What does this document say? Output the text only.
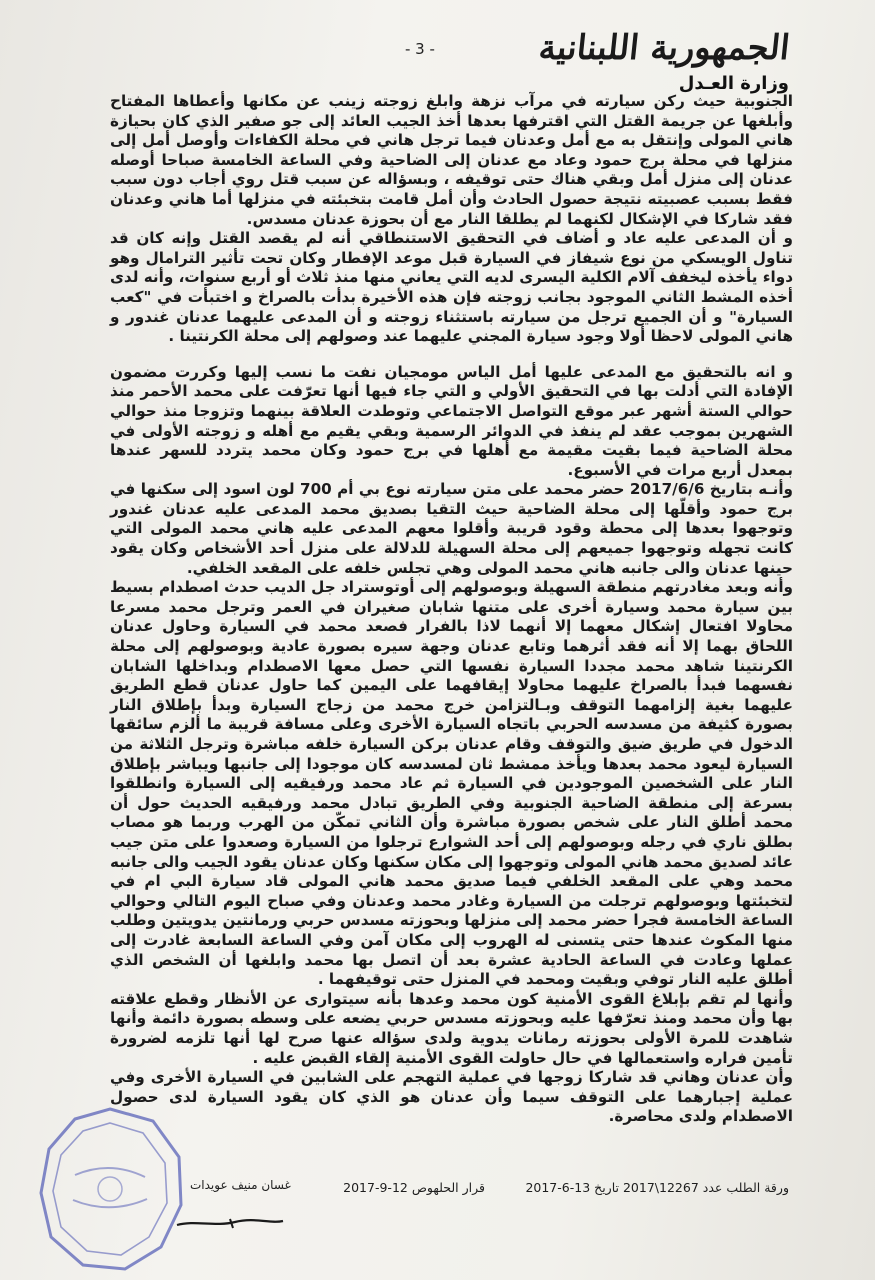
الجمهورية اللبنانية
- 3 -
وزارة العـدل

الجنوبية حيث ركن سيارته في مرآب نزهة وابلغ زوجته زينب عن مكانها وأعطاها المفتاح وأبلغها عن جريمة القتل التي اقترفها بعدها أخذ الجيب العائد إلى جو صفير الذي كان بحيازة هاني المولى وإنتقل به مع أمل وعدنان فيما ترجل هاني في محلة الكفاءات وأوصل أمل إلى منزلها في محلة برج حمود وعاد مع عدنان إلى الضاحية وفي الساعة الخامسة صباحا أوصله عدنان إلى منزل أمل وبقي هناك حتى توقيفه ، وبسؤاله عن سبب قتل روي أجاب دون سبب فقط بسبب عصبيته نتيجة حصول الحادث وأن أمل قامت بتخبئته في منزلها أما هاني وعدنان فقد شاركا في الإشكال لكنهما لم يطلقا النار مع أن بحوزة عدنان مسدس.

و أن المدعى عليه عاد و أضاف في التحقيق الاستنطاقي أنه لم يقصد القتل وإنه كان قد تناول الويسكي من نوع شيفاز في السيارة قبل موعد الإفطار وكان تحت تأثير الترامال وهو دواء يأخذه ليخفف آلام الكلية اليسرى لديه التي يعاني منها منذ ثلاث أو أربع سنوات، وأنه لدى أخذه المشط الثاني الموجود بجانب زوجته فإن هذه الأخيرة بدأت بالصراخ و اختبأت في "كعب السيارة" و أن الجميع ترجل من سيارته باستثناء زوجته و أن المدعى عليهما عدنان غندور و هاني المولى لاحظا أولا وجود سيارة المجني عليهما عند وصولهم إلى محلة الكرنتينا .

و انه بالتحقيق مع المدعى عليها أمل الياس مومجيان نفت ما نسب إليها وكررت مضمون الإفادة التي أدلت بها في التحقيق الأولي و التي جاء فيها أنها تعرّفت على محمد الأحمر منذ حوالي الستة أشهر عبر موقع التواصل الاجتماعي وتوطدت العلاقة بينهما وتزوجا منذ حوالي الشهرين بموجب عقد لم ينفذ في الدوائر الرسمية وبقي يقيم مع أهله و زوجته الأولى في محلة الضاحية فيما بقيت مقيمة مع أهلها في برج حمود وكان محمد يتردد للسهر عندها بمعدل أربع مرات في الأسبوع.

وأنـه بتاريخ 2017/6/6 حضر محمد على متن سيارته نوع بي أم 700 لون اسود إلى سكنها في برج حمود وأقلّها إلى محلة الضاحية حيث التقيا بصديق محمد المدعى عليه عدنان غندور وتوجهوا بعدها إلى محطة وقود قريبة وأقلوا معهم المدعى عليه هاني محمد المولى التي كانت تجهله وتوجهوا جميعهم إلى محلة السهيلة للدلالة على منزل أحد الأشخاص وكان يقود حينها عدنان والى جانبه هاني محمد المولى وهي تجلس خلفه على المقعد الخلفي.

وأنه وبعد مغادرتهم منطقة السهيلة وبوصولهم إلى أوتوستراد جل الديب حدث اصطدام بسيط بين سيارة محمد وسيارة أخرى على متنها شابان صغيران في العمر وترجل محمد مسرعا محاولا افتعال إشكال معهما إلا أنهما لاذا بالفرار فصعد محمد في السيارة وحاول عدنان اللحاق بهما إلا أنه فقد أثرهما وتابع عدنان وجهة سيره بصورة عادية وبوصولهم إلى محلة الكرنتينا شاهد محمد مجددا السيارة نفسها التي حصل معها الاصطدام وبداخلها الشابان نفسهما فبدأ بالصراخ عليهما محاولا إيقافهما على اليمين كما حاول عدنان قطع الطريق عليهما بغية إلزامهما التوقف وبـالتزامن خرج محمد من زجاج السيارة وبدأ بإطلاق النار بصورة كثيفة من مسدسه الحربي باتجاه السيارة الأخرى وعلى مسافة قريبة ما ألزم سائقها الدخول في طريق ضيق والتوقف وقام عدنان بركن السيارة خلفه مباشرة وترجل الثلاثة من السيارة ليعود محمد بعدها ويأخذ ممشط ثان لمسدسه كان موجودا إلى جانبها ويباشر بإطلاق النار على الشخصين الموجودين في السيارة ثم عاد محمد ورفيقيه إلى السيارة وانطلقوا بسرعة إلى منطقة الضاحية الجنوبية وفي الطريق تبادل محمد ورفيقيه الحديث حول أن محمد أطلق النار على شخص بصورة مباشرة وأن الثاني تمكّن من الهرب وربما هو مصاب بطلق ناري في رجله وبوصولهم إلى أحد الشوارع ترجلوا من السيارة وصعدوا على متن جيب عائد لصديق محمد هاني المولى وتوجهوا إلى مكان سكنها وكان عدنان يقود الجيب والى جانبه محمد وهي على المقعد الخلفي فيما صديق محمد هاني المولى قاد سيارة البي ام في لتخبئتها وبوصولهم ترجلت من السيارة وغادر محمد وعدنان وفي صباح اليوم التالي وحوالي الساعة الخامسة فجرا حضر محمد إلى منزلها وبحوزته مسدس حربي ورمانتين يدويتين وطلب منها المكوث عندها حتى يتسنى له الهروب إلى مكان آمن وفي الساعة السابعة غادرت إلى عملها وعادت في الساعة الحادية عشرة بعد أن اتصل بها محمد وابلغها أن الشخص الذي أطلق عليه النار توفي وبقيت ومحمد في المنزل حتى توقيفهما .

وأنها لم تقم بإبلاغ القوى الأمنية كون محمد وعدها بأنه سيتوارى عن الأنظار وقطع علاقته بها وأن محمد ومنذ تعرّفها عليه وبحوزته مسدس حربي يضعه على وسطه بصورة دائمة وأنها شاهدت للمرة الأولى بحوزته رمانات يدوية ولدى سؤاله عنها صرح لها أنها تلزمه لضرورة تأمين فراره واستعمالها في حال حاولت القوى الأمنية إلقاء القبض عليه .

وأن عدنان وهاني قد شاركا زوجها في عملية التهجم على الشابين في السيارة الأخرى وفي عملية إجبارهما على التوقف سيما وأن عدنان هو الذي كان يقود السيارة لدى حصول الاصطدام ولدى محاصرة.

ورقة الطلب عدد 12267\2017 تاريخ 13-6-2017
قرار الحلهوص 12-9-2017
غسان منيف عويدات
